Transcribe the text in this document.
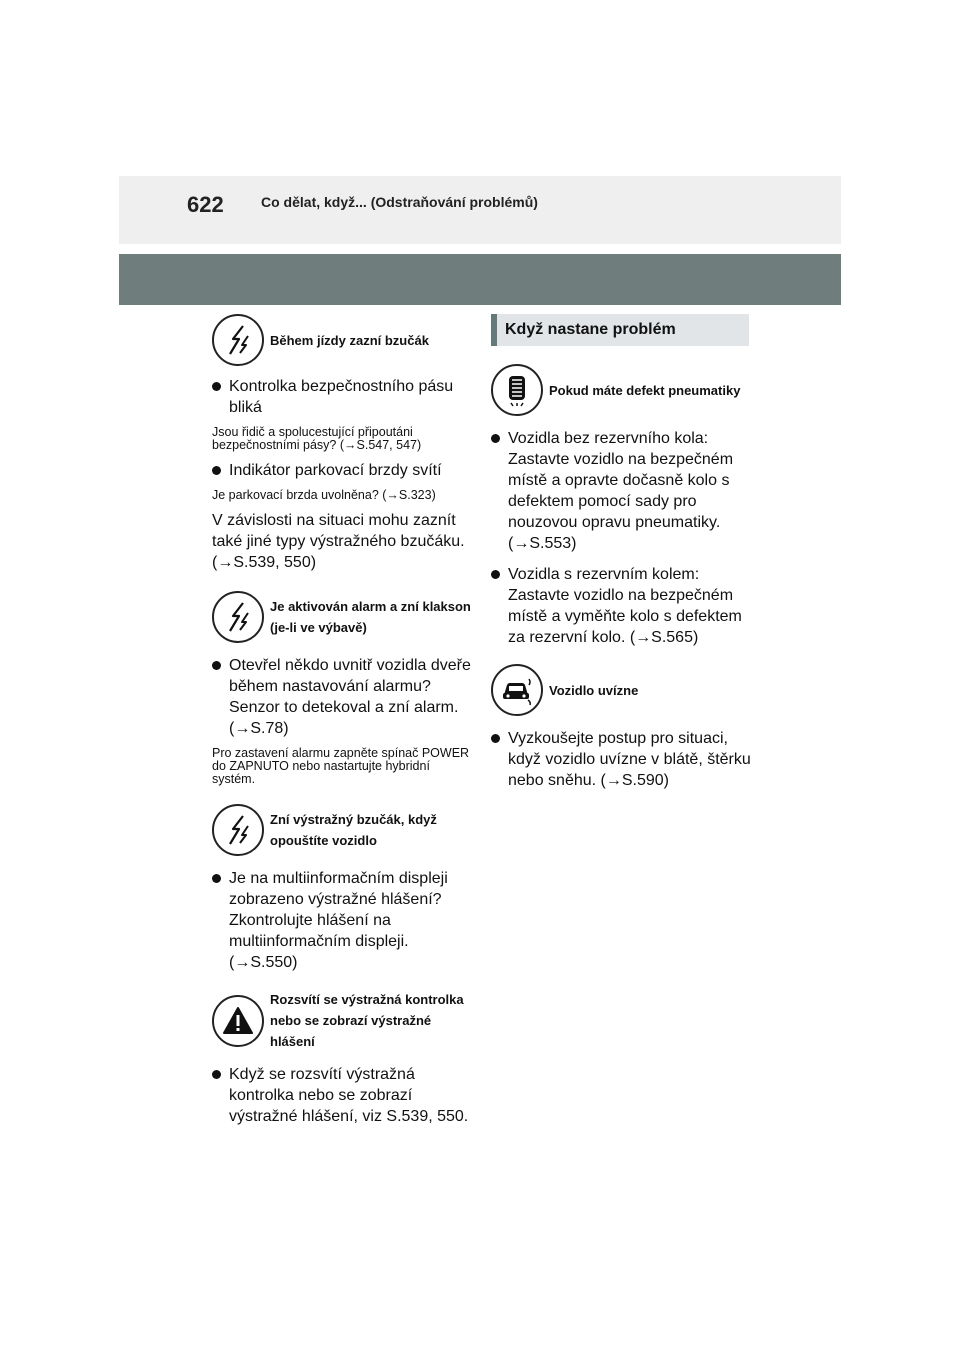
622	Co dělat, když... (Odstraňování problémů)
Během jízdy zazní bzučák
Kontrolka bezpečnostního pásu bliká
Jsou řidič a spolucestující připoutáni bezpečnostními pásy? (→S.547, 547)
Indikátor parkovací brzdy svítí
Je parkovací brzda uvolněna? (→S.323)
V závislosti na situaci mohu zaznít také jiné typy výstražného bzučáku. (→S.539, 550)
Je aktivován alarm a zní klakson (je-li ve výbavě)
Otevřel někdo uvnitř vozidla dveře během nastavování alarmu? Senzor to detekoval a zní alarm. (→S.78)
Pro zastavení alarmu zapněte spínač POWER do ZAPNUTO nebo nastartujte hybridní systém.
Zní výstražný bzučák, když opouštíte vozidlo
Je na multiinformačním displeji zobrazeno výstražné hlášení? Zkontrolujte hlášení na multiinformačním displeji. (→S.550)
Rozsvítí se výstražná kontrolka nebo se zobrazí výstražné hlášení
Když se rozsvítí výstražná kontrolka nebo se zobrazí výstražné hlášení, viz S.539, 550.
Když nastane problém
Pokud máte defekt pneumatiky
Vozidla bez rezervního kola: Zastavte vozidlo na bezpečném místě a opravte dočasně kolo s defektem pomocí sady pro nouzovou opravu pneumatiky. (→S.553)
Vozidla s rezervním kolem: Zastavte vozidlo na bezpečném místě a vyměňte kolo s defektem za rezervní kolo. (→S.565)
Vozidlo uvízne
Vyzkoušejte postup pro situaci, když vozidlo uvízne v blátě, štěrku nebo sněhu. (→S.590)
